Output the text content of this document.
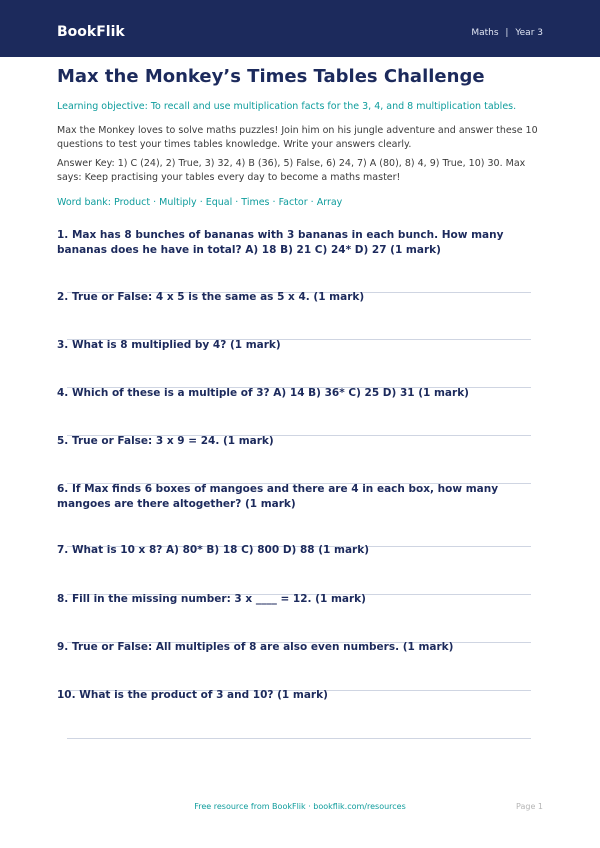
BookFlik	Maths | Year 3
Max the Monkey’s Times Tables Challenge

Learning objective: To recall and use multiplication facts for the 3, 4, and 8 multiplication tables.

Max the Monkey loves to solve maths puzzles! Join him on his jungle adventure and answer these 10 questions to test your times tables knowledge. Write your answers clearly.

Answer Key: 1) C (24), 2) True, 3) 32, 4) B (36), 5) False, 6) 24, 7) A (80), 8) 4, 9) True, 10) 30. Max says: Keep practising your tables every day to become a maths master!

Word bank: Product · Multiply · Equal · Times · Factor · Array

1. Max has 8 bunches of bananas with 3 bananas in each bunch. How many bananas does he have in total? A) 18 B) 21 C) 24* D) 27 (1 mark)

2. True or False: 4 x 5 is the same as 5 x 4. (1 mark)

3. What is 8 multiplied by 4? (1 mark)

4. Which of these is a multiple of 3? A) 14 B) 36* C) 25 D) 31 (1 mark)

5. True or False: 3 x 9 = 24. (1 mark)

6. If Max finds 6 boxes of mangoes and there are 4 in each box, how many mangoes are there altogether? (1 mark)

7. What is 10 x 8? A) 80* B) 18 C) 800 D) 88 (1 mark)

8. Fill in the missing number: 3 x ____ = 12. (1 mark)

9. True or False: All multiples of 8 are also even numbers. (1 mark)

10. What is the product of 3 and 10? (1 mark)

Free resource from BookFlik · bookflik.com/resources	Page 1
